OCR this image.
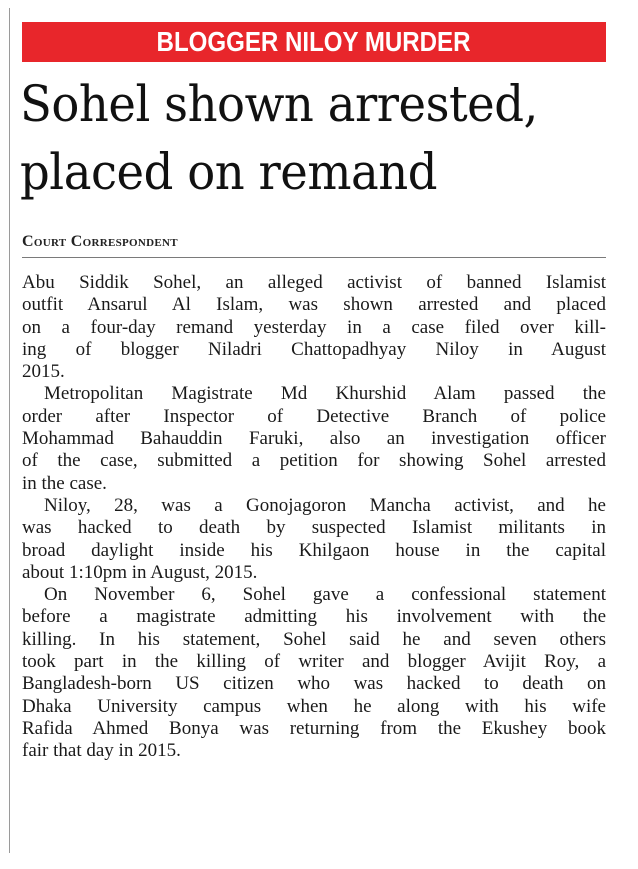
BLOGGER NILOY MURDER
Sohel shown arrested,
placed on remand
Court Correspondent
Abu Siddik Sohel, an alleged activist of banned Islamist
outfit Ansarul Al Islam, was shown arrested and placed
on a four-day remand yesterday in a case filed over kill-
ing of blogger Niladri Chattopadhyay Niloy in August
2015.
Metropolitan Magistrate Md Khurshid Alam passed the
order after Inspector of Detective Branch of police
Mohammad Bahauddin Faruki, also an investigation officer
of the case, submitted a petition for showing Sohel arrested
in the case.
Niloy, 28, was a Gonojagoron Mancha activist, and he
was hacked to death by suspected Islamist militants in
broad daylight inside his Khilgaon house in the capital
about 1:10pm in August, 2015.
On November 6, Sohel gave a confessional statement
before a magistrate admitting his involvement with the
killing. In his statement, Sohel said he and seven others
took part in the killing of writer and blogger Avijit Roy, a
Bangladesh-born US citizen who was hacked to death on
Dhaka University campus when he along with his wife
Rafida Ahmed Bonya was returning from the Ekushey book
fair that day in 2015.
